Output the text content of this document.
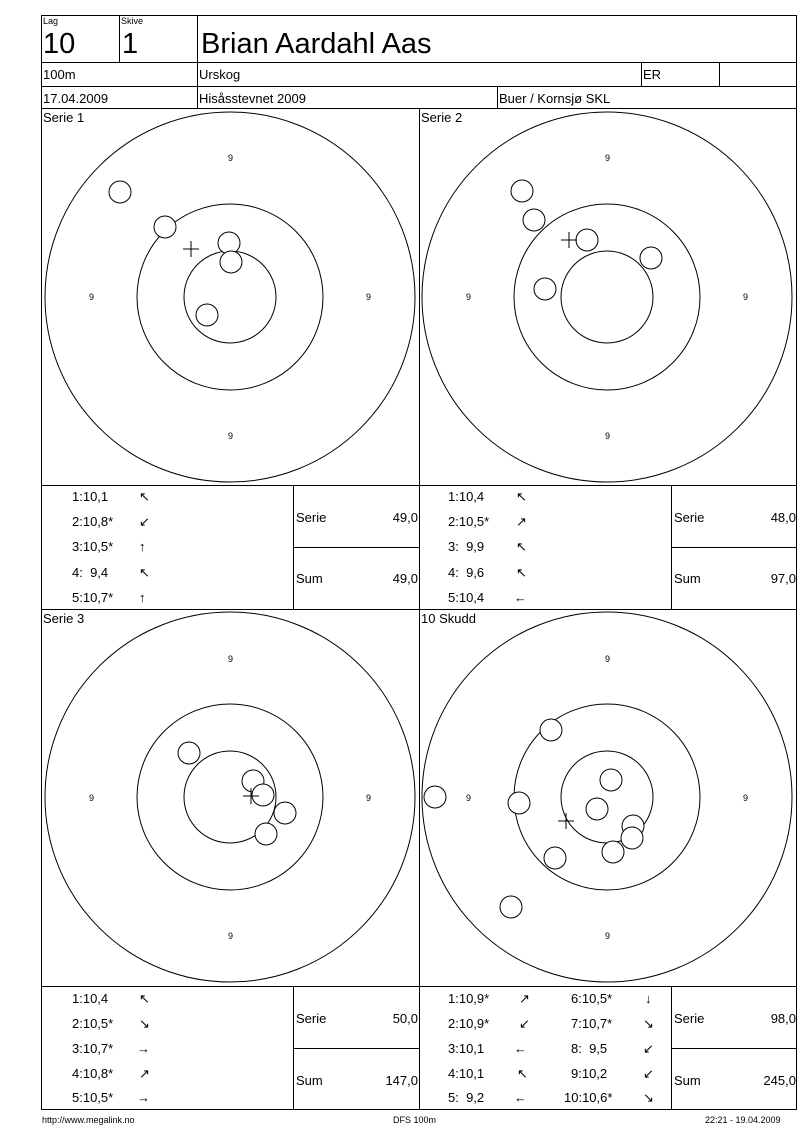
Lag
10
Skive
1 Brian Aardahl Aas
100m	Urskog	ER
17.04.2009	Hisåsstevnet 2009	Buer / Kornsjø SKL
Serie 1	Serie 2
Serie 3	10 Skudd
9
9
9	9
9
9
9	9
9
9
9	9
9
9
9	9
1:10,1 ↖
2:10,8* ↙
3:10,5* ↑
4:  9,4 ↖
5:10,7* ↑
Serie	49,0
Sum	49,0
1:10,4 ↖
2:10,5* ↗
3:  9,9 ↖
4:  9,6 ↖
5:10,4 ←
Serie	48,0
Sum	97,0
1:10,4 ↖
2:10,5* ↘
3:10,7* →
4:10,8* ↗
5:10,5* →
Serie	50,0
Sum	147,0
1:10,9* ↗
2:10,9* ↙
3:10,1 ←
4:10,1	↖
5:  9,2 ←
6:10,5*	↓
7:10,7* ↘
8:  9,5	↙
9:10,2	↙
10:10,6* ↘
Serie	98,0
Sum	245,0
http://www.megalink.no	DFS 100m	22:21 - 19.04.2009
